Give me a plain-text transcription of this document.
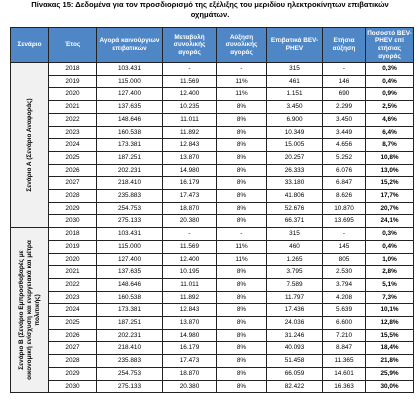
Πίνακας 15: Δεδομένα για τον προσδιορισμό της εξέλιξης του μεριδίου ηλεκτροκίνητων επιβατικών
οχημάτων.
Σενάριο	Έτος	Αγορά καινούργιων επιβατικών	Μεταβολή συνολικής αγοράς	Αύξηση συνολικής αγοράς	Επιβατικά BEV-PHEV	Ετήσια αύξηση	Ποσοστό BEV-PHEV επί ετήσιας αγοράς

Σενάριο Α (Σενάριο Αναφοράς)	2018	103.431	-	-	315	-	0,3%
	2019	115.000	11.569	11%	461	146	0,4%
	2020	127.400	12.400	11%	1.151	690	0,9%
	2021	137.635	10.235	8%	3.450	2.299	2,5%
	2022	148.646	11.011	8%	6.900	3.450	4,6%
	2023	160.538	11.892	8%	10.349	3.449	6,4%
	2024	173.381	12.843	8%	15.005	4.656	8,7%
	2025	187.251	13.870	8%	20.257	5.252	10,8%
	2026	202.231	14.980	8%	26.333	6.076	13,0%
	2027	218.410	16.179	8%	33.180	6.847	15,2%
	2028	235.883	17.473	8%	41.806	8.626	17,7%
	2029	254.753	18.870	8%	52.676	10.870	20,7%
	2030	275.133	20.380	8%	66.371	13.695	24,1%

Σενάριο Β (Σενάριο Εμπροσθοβαρές με οικονομική ενίσχυση και ενεργειακά και μέτρα πολιτικής)	2018	103.431	-	-	315	-	0,3%
	2019	115.000	11.569	11%	460	145	0,4%
	2020	127.400	12.400	11%	1.265	805	1,0%
	2021	137.635	10.195	8%	3.795	2.530	2,8%
	2022	148.646	11.011	8%	7.589	3.794	5,1%
	2023	160.538	11.892	8%	11.797	4.208	7,3%
	2024	173.381	12.843	8%	17.436	5.639	10,1%
	2025	187.251	13.870	8%	24.036	6.600	12,8%
	2026	202.231	14.980	8%	31.246	7.210	15,5%
	2027	218.410	16.179	8%	40.093	8.847	18,4%
	2028	235.883	17.473	8%	51.458	11.365	21,8%
	2029	254.753	18.870	8%	66.059	14.601	25,9%
	2030	275.133	20.380	8%	82.422	16.363	30,0%
